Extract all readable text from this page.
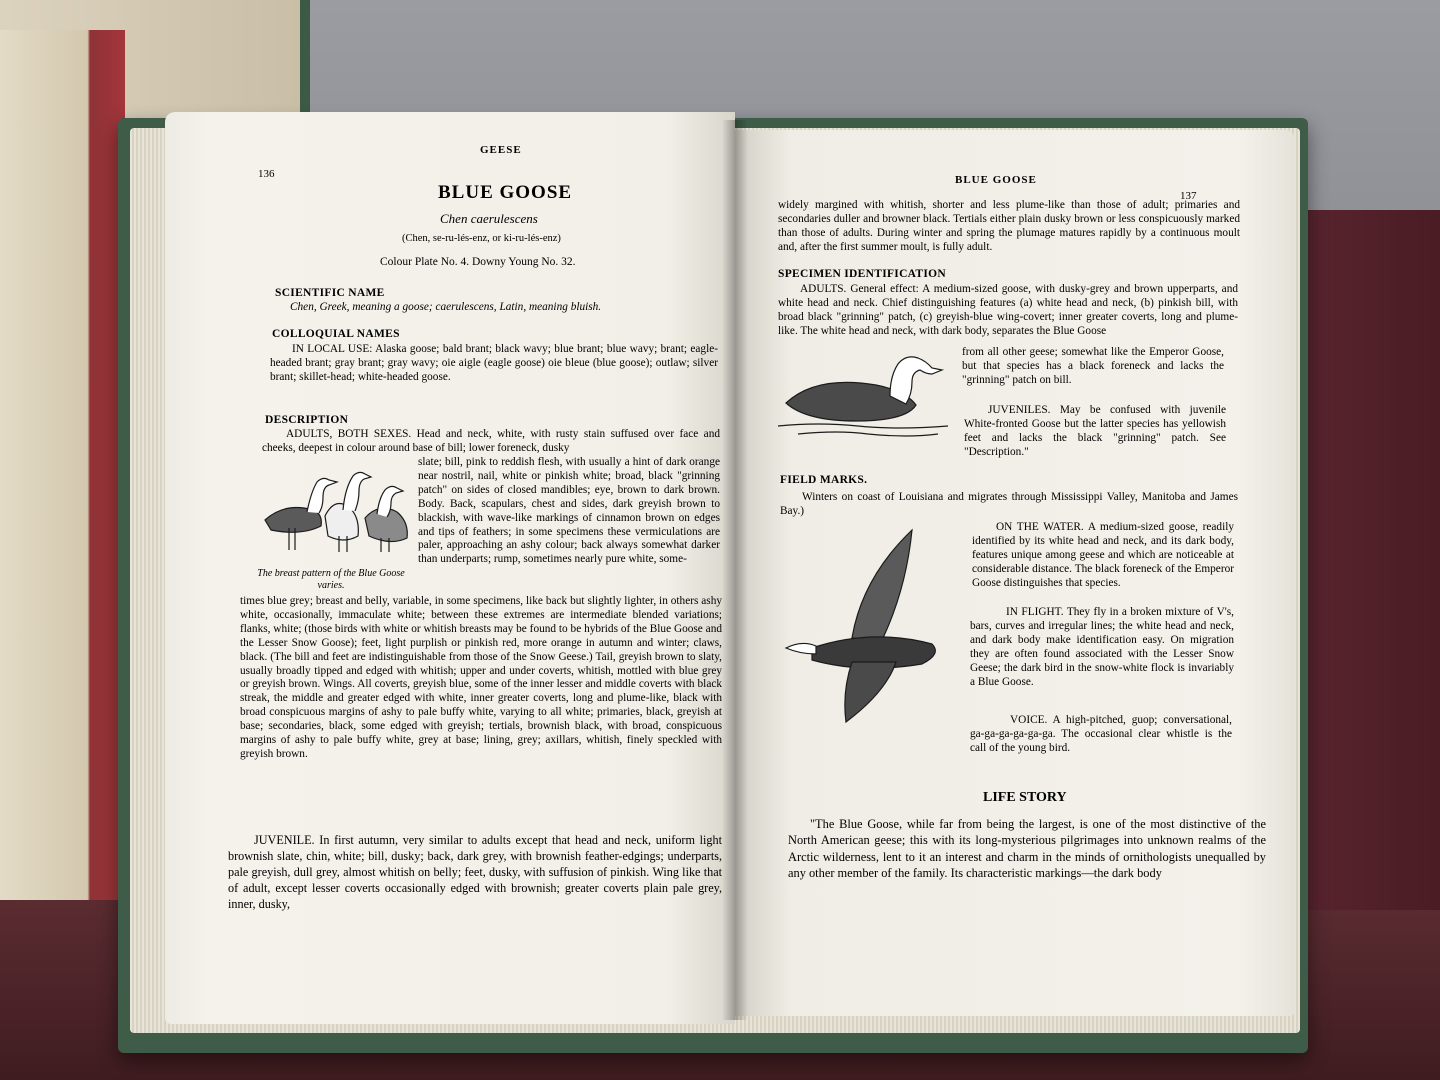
GEESE
136
BLUE GOOSE
Chen caerulescens
(Chen, se-ru-lés-enz, or ki-ru-lés-enz)
Colour Plate No. 4. Downy Young No. 32.
SCIENTIFIC NAME

Chen, Greek, meaning a goose; caerulescens, Latin, meaning bluish.

COLLOQUIAL NAMES

IN LOCAL USE: Alaska goose; bald brant; black wavy; blue brant; blue wavy; brant; eagle-headed brant; gray brant; gray wavy; oie aigle (eagle goose) oie bleue (blue goose); outlaw; silver brant; skillet-head; white-headed goose.

DESCRIPTION

ADULTS, BOTH SEXES. Head and neck, white, with rusty stain suffused over face and cheeks, deepest in colour around base of bill; lower foreneck, dusky

The breast pattern of the Blue Goose varies.

slate; bill, pink to reddish flesh, with usually a hint of dark orange near nostril, nail, white or pinkish white; broad, black "grinning patch" on sides of closed mandibles; eye, brown to dark brown. Body. Back, scapulars, chest and sides, dark greyish brown to blackish, with wave-like markings of cinnamon brown on edges and tips of feathers; in some specimens these vermiculations are paler, approaching an ashy colour; back always somewhat darker than underparts; rump, sometimes nearly pure white, some-

times blue grey; breast and belly, variable, in some specimens, like back but slightly lighter, in others ashy white, occasionally, immaculate white; between these extremes are intermediate blended variations; flanks, white; (those birds with white or whitish breasts may be found to be hybrids of the Blue Goose and the Lesser Snow Goose); feet, light purplish or pinkish red, more orange in autumn and winter; claws, black. (The bill and feet are indistinguishable from those of the Snow Geese.) Tail, greyish brown to slaty, usually broadly tipped and edged with whitish; upper and under coverts, whitish, mottled with blue grey or greyish brown. Wings. All coverts, greyish blue, some of the inner lesser and middle coverts with black streak, the middle and greater edged with white, inner greater coverts, long and plume-like, black with broad conspicuous margins of ashy to pale buffy white, varying to all white; primaries, black, greyish at base; secondaries, black, some edged with greyish; tertials, brownish black, with broad, conspicuous margins of ashy to pale buffy white, grey at base; lining, grey; axillars, whitish, finely speckled with greyish brown.

JUVENILE. In first autumn, very similar to adults except that head and neck, uniform light brownish slate, chin, white; bill, dusky; back, dark grey, with brownish feather-edgings; underparts, pale greyish, dull grey, almost whitish on belly; feet, dusky, with suffusion of pinkish. Wing like that of adult, except lesser coverts occasionally edged with brownish; greater coverts plain pale grey, inner, dusky,

BLUE GOOSE
137

widely margined with whitish, shorter and less plume-like than those of adult; primaries and secondaries duller and browner black. Tertials either plain dusky brown or less conspicuously marked than those of adults. During winter and spring the plumage matures rapidly by a continuous moult and, after the first summer moult, is fully adult.

SPECIMEN IDENTIFICATION

ADULTS. General effect: A medium-sized goose, with dusky-grey and brown upperparts, and white head and neck. Chief distinguishing features (a) white head and neck, (b) pinkish bill, with broad black "grinning" patch, (c) greyish-blue wing-covert; inner greater coverts, long and plume-like. The white head and neck, with dark body, separates the Blue Goose

from all other geese; somewhat like the Emperor Goose, but that species has a black foreneck and lacks the "grinning" patch on bill.

JUVENILES. May be confused with juvenile White-fronted Goose but the latter species has yellowish feet and lacks the black "grinning" patch. See "Description."

FIELD MARKS.

Winters on coast of Louisiana and migrates through Mississippi Valley, Manitoba and James Bay.)

ON THE WATER. A medium-sized goose, readily identified by its white head and neck, and its dark body, features unique among geese and which are noticeable at considerable distance. The black foreneck of the Emperor Goose distinguishes that species.

IN FLIGHT. They fly in a broken mixture of V's, bars, curves and irregular lines; the white head and neck, and dark body make identification easy. On migration they are often found associated with the Lesser Snow Geese; the dark bird in the snow-white flock is invariably a Blue Goose.

VOICE. A high-pitched, guop; conversational, ga-ga-ga-ga-ga-ga. The occasional clear whistle is the call of the young bird.

LIFE STORY

"The Blue Goose, while far from being the largest, is one of the most distinctive of the North American geese; this with its long-mysterious pilgrimages into unknown realms of the Arctic wilderness, lent to it an interest and charm in the minds of ornithologists unequalled by any other member of the family. Its characteristic markings—the dark body
